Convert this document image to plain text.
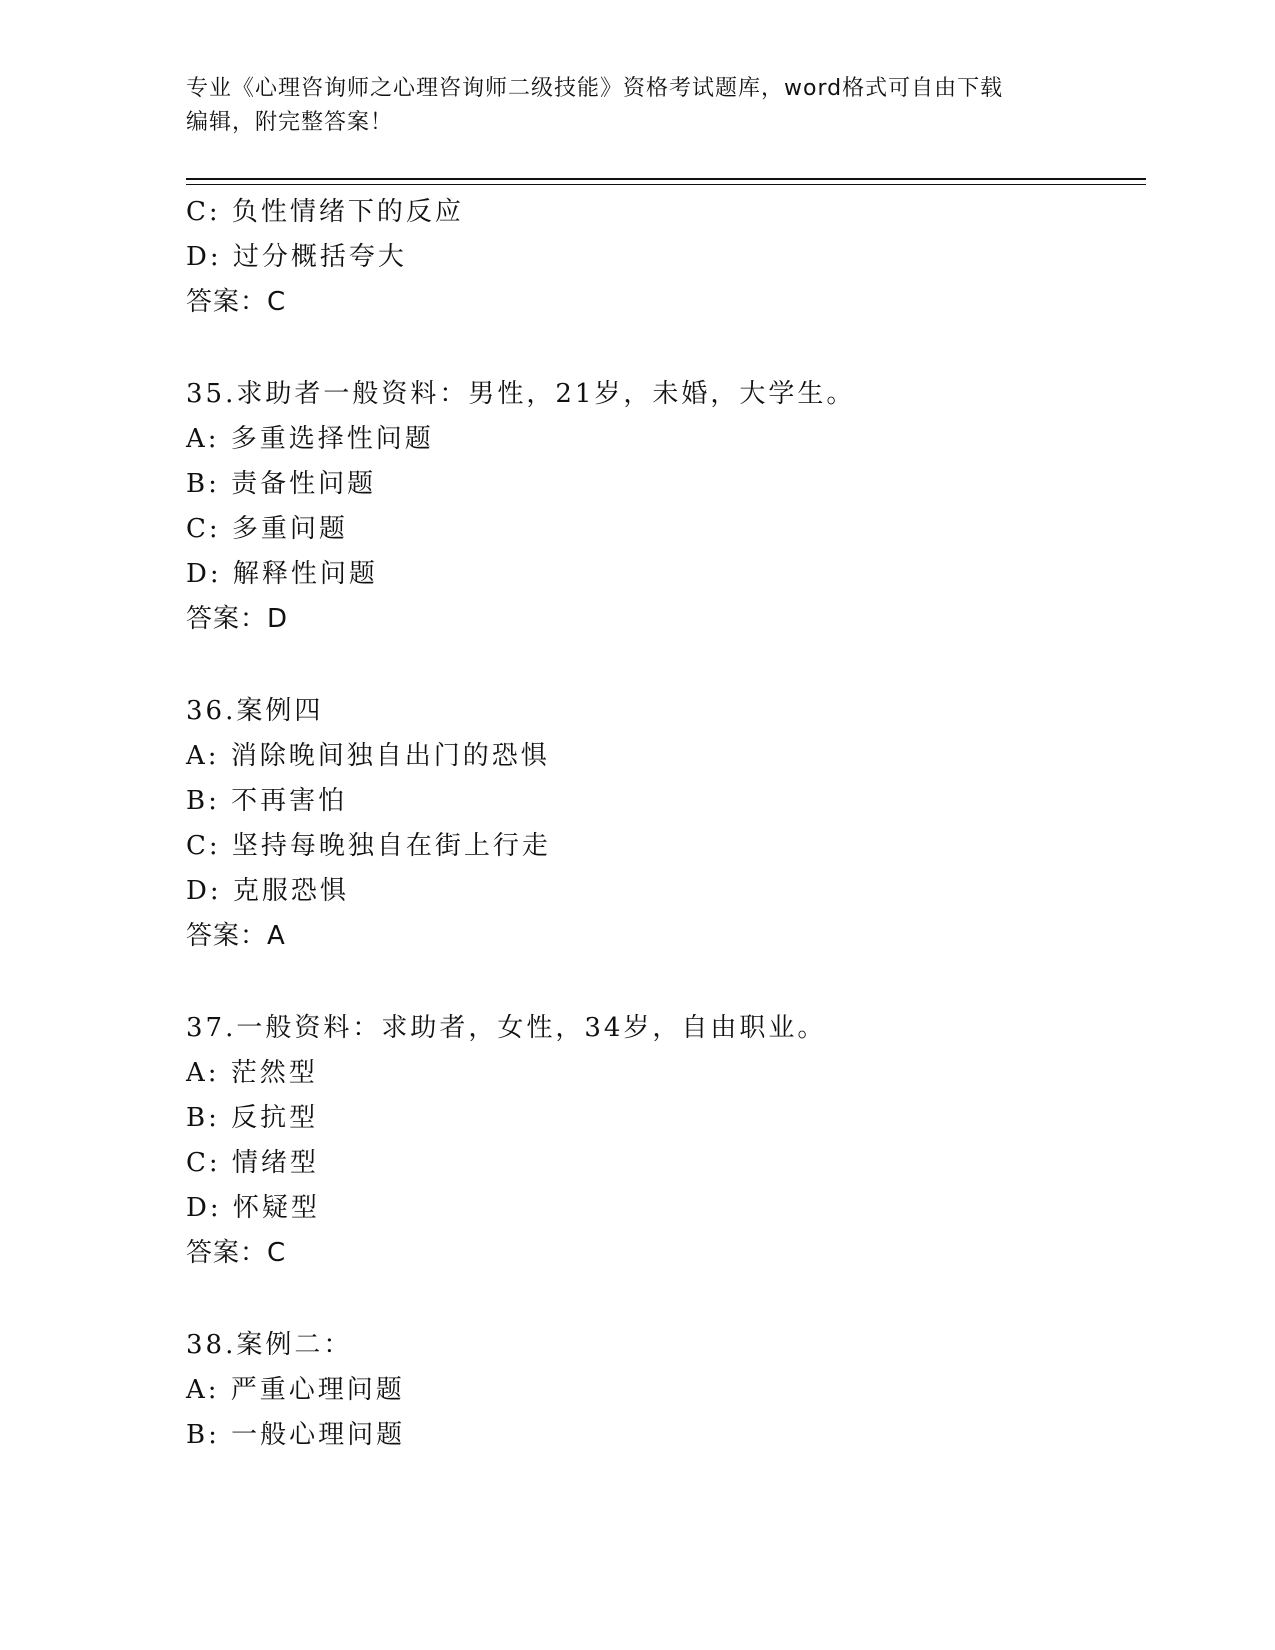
专业《心理咨询师之心理咨询师二级技能》资格考试题库，word格式可自由下载
编辑，附完整答案！
C: 负性情绪下的反应
D: 过分概括夸大
答案：C
35.求助者一般资料：男性，21岁，未婚，大学生。
A: 多重选择性问题
B: 责备性问题
C: 多重问题
D: 解释性问题
答案：D
36.案例四
A: 消除晚间独自出门的恐惧
B: 不再害怕
C: 坚持每晚独自在街上行走
D: 克服恐惧
答案：A
37.一般资料：求助者，女性，34岁，自由职业。
A: 茫然型
B: 反抗型
C: 情绪型
D: 怀疑型
答案：C
38.案例二：
A: 严重心理问题
B: 一般心理问题
